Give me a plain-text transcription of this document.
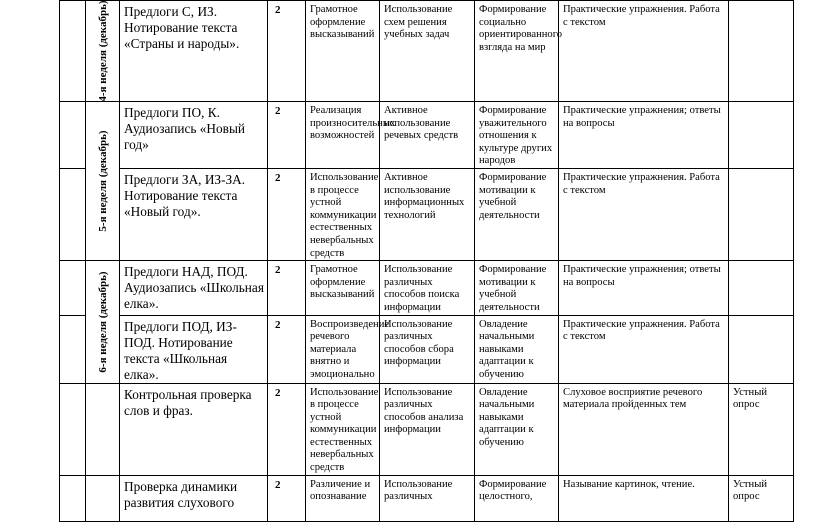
	4-я неделя (декабрь)	Предлоги С, ИЗ. Нотирование текста «Страны и народы».	2	Грамотное оформление высказываний	Использование схем решения учебных задач	Формирование социально ориентированного взгляда на мир	Практические упражнения. Работа с текстом	

	5-я неделя (декабрь)	Предлоги ПО, К. Аудиозапись «Новый год»	2	Реализация произносительных возможностей	Активное использование речевых средств	Формирование уважительного отношения к культуре других народов	Практические упражнения; ответы на вопросы	
		Предлоги ЗА, ИЗ-ЗА. Нотирование текста «Новый год».	2	Использование в процессе устной коммуникации естественных невербальных средств	Активное использование информационных технологий	Формирование мотивации к учебной деятельности	Практические упражнения. Работа с текстом	

	6-я неделя (декабрь)	Предлоги НАД, ПОД. Аудиозапись «Школьная елка».	2	Грамотное оформление высказываний	Использование различных способов поиска информации	Формирование мотивации к учебной деятельности	Практические упражнения; ответы на вопросы	
		Предлоги ПОД, ИЗ-ПОД. Нотирование текста «Школьная елка».	2	Воспроизведение речевого материала внятно и эмоционально	Использование различных способов сбора информации	Овладение начальными навыками адаптации к обучению	Практические упражнения. Работа с текстом	
		Контрольная проверка слов и фраз.	2	Использование в процессе устной коммуникации естественных невербальных средств	Использование различных способов анализа информации	Овладение начальными навыками адаптации к обучению	Слуховое восприятие речевого материала пройденных тем	Устный опрос
		Проверка динамики развития слухового	2	Различение и опознавание	Использование различных	Формирование целостного,	Называние картинок, чтение.	Устный опрос
